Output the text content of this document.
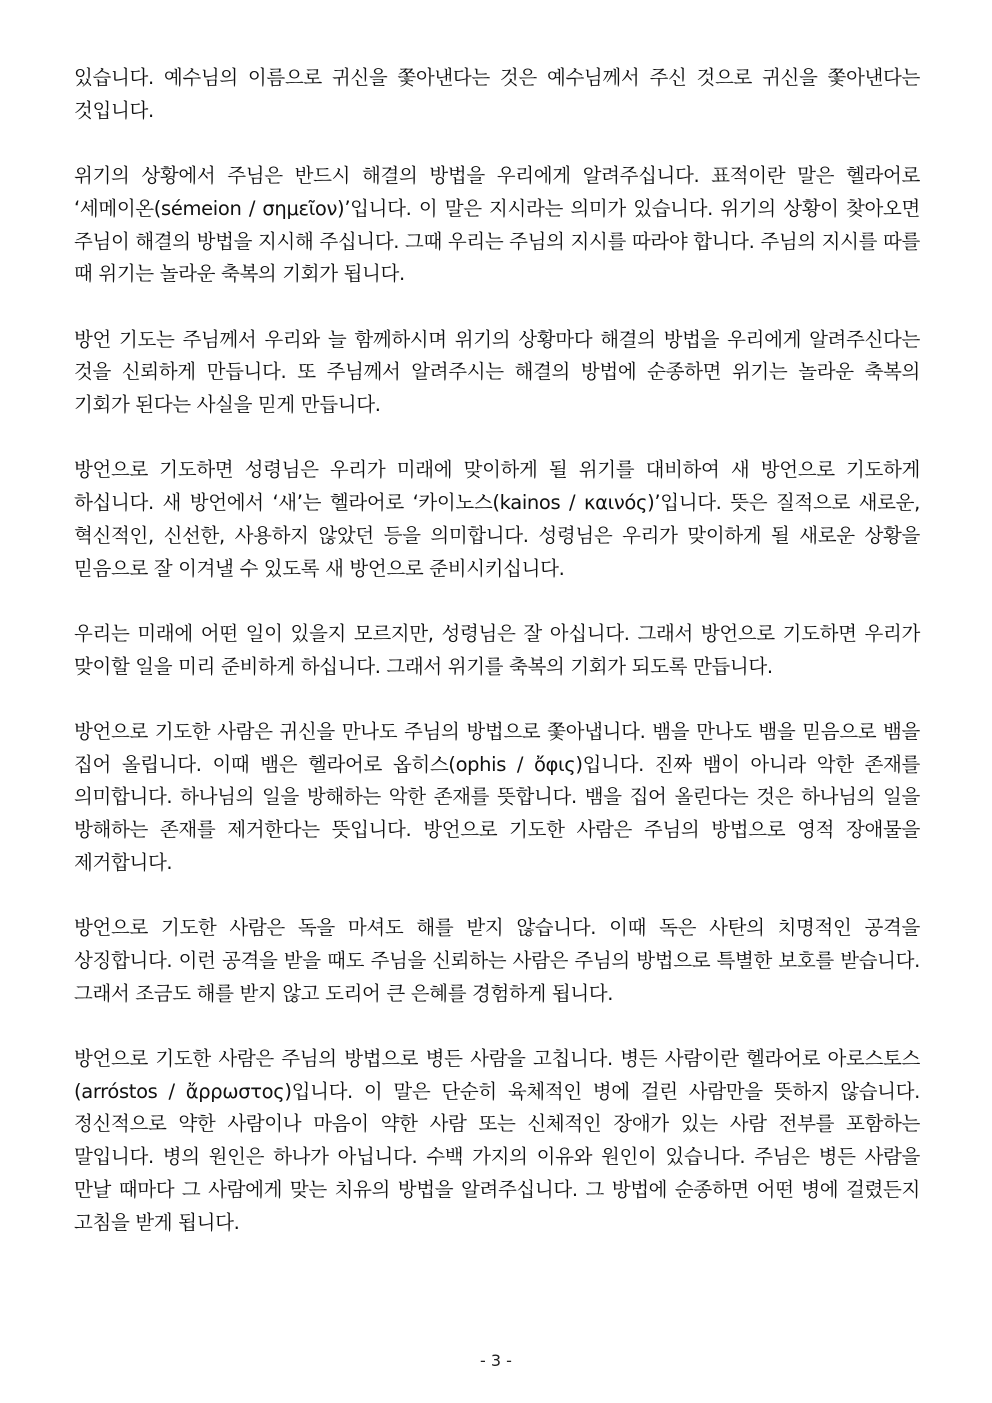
있습니다. 예수님의 이름으로 귀신을 쫓아낸다는 것은 예수님께서 주신 것으로 귀신을 쫓아낸다는 것입니다.

위기의 상황에서 주님은 반드시 해결의 방법을 우리에게 알려주십니다. 표적이란 말은 헬라어로 ‘세메이온(sémeion / σημεῖον)’입니다. 이 말은 지시라는 의미가 있습니다. 위기의 상황이 찾아오면 주님이 해결의 방법을 지시해 주십니다. 그때 우리는 주님의 지시를 따라야 합니다. 주님의 지시를 따를 때 위기는 놀라운 축복의 기회가 됩니다.

방언 기도는 주님께서 우리와 늘 함께하시며 위기의 상황마다 해결의 방법을 우리에게 알려주신다는 것을 신뢰하게 만듭니다. 또 주님께서 알려주시는 해결의 방법에 순종하면 위기는 놀라운 축복의 기회가 된다는 사실을 믿게 만듭니다.

방언으로 기도하면 성령님은 우리가 미래에 맞이하게 될 위기를 대비하여 새 방언으로 기도하게 하십니다. 새 방언에서 ‘새’는 헬라어로 ‘카이노스(kainos / καινός)’입니다. 뜻은 질적으로 새로운, 혁신적인, 신선한, 사용하지 않았던 등을 의미합니다. 성령님은 우리가 맞이하게 될 새로운 상황을 믿음으로 잘 이겨낼 수 있도록 새 방언으로 준비시키십니다.

우리는 미래에 어떤 일이 있을지 모르지만, 성령님은 잘 아십니다. 그래서 방언으로 기도하면 우리가 맞이할 일을 미리 준비하게 하십니다. 그래서 위기를 축복의 기회가 되도록 만듭니다.

방언으로 기도한 사람은 귀신을 만나도 주님의 방법으로 쫓아냅니다. 뱀을 만나도 뱀을 믿음으로 뱀을 집어 올립니다. 이때 뱀은 헬라어로 옵히스(ophis / ὄφις)입니다. 진짜 뱀이 아니라 악한 존재를 의미합니다. 하나님의 일을 방해하는 악한 존재를 뜻합니다. 뱀을 집어 올린다는 것은 하나님의 일을 방해하는 존재를 제거한다는 뜻입니다. 방언으로 기도한 사람은 주님의 방법으로 영적 장애물을 제거합니다.

방언으로 기도한 사람은 독을 마셔도 해를 받지 않습니다. 이때 독은 사탄의 치명적인 공격을 상징합니다. 이런 공격을 받을 때도 주님을 신뢰하는 사람은 주님의 방법으로 특별한 보호를 받습니다. 그래서 조금도 해를 받지 않고 도리어 큰 은혜를 경험하게 됩니다.

방언으로 기도한 사람은 주님의 방법으로 병든 사람을 고칩니다. 병든 사람이란 헬라어로 아로스토스(arróstos / ἄρρωστος)입니다. 이 말은 단순히 육체적인 병에 걸린 사람만을 뜻하지 않습니다. 정신적으로 약한 사람이나 마음이 약한 사람 또는 신체적인 장애가 있는 사람 전부를 포함하는 말입니다. 병의 원인은 하나가 아닙니다. 수백 가지의 이유와 원인이 있습니다. 주님은 병든 사람을 만날 때마다 그 사람에게 맞는 치유의 방법을 알려주십니다. 그 방법에 순종하면 어떤 병에 걸렸든지 고침을 받게 됩니다.

- 3 -
